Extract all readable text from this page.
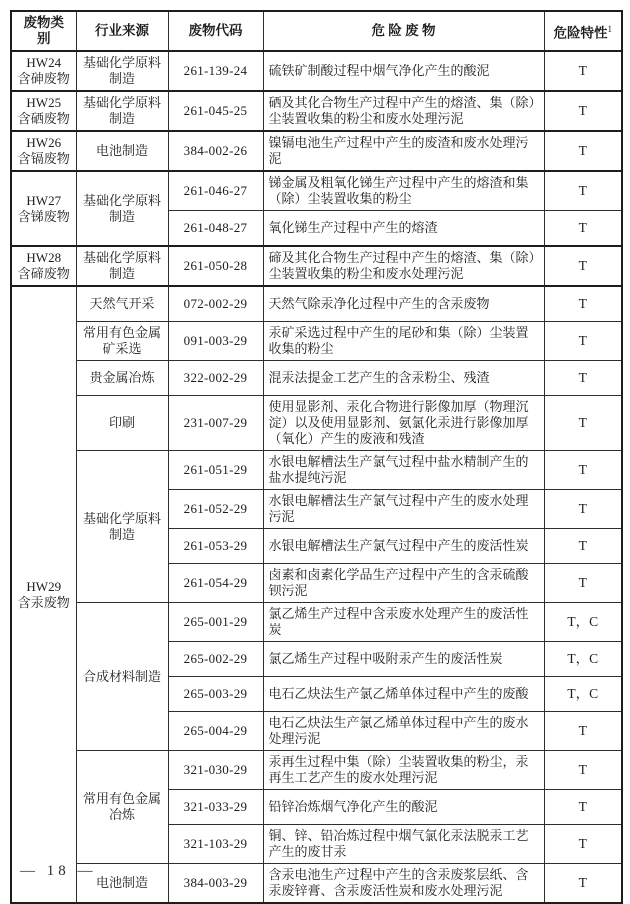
废物类别	行业来源	废物代码	危 险 废 物	危险特性$^1$

HW24
含砷废物	基础化学原料制造	261-139-24	硫铁矿制酸过程中烟气净化产生的酸泥	T

HW25
含硒废物	基础化学原料制造	261-045-25	硒及其化合物生产过程中产生的熔渣、集（除）尘装置收集的粉尘和废水处理污泥	T

HW26
含镉废物	电池制造	384-002-26	镍镉电池生产过程中产生的废渣和废水处理污泥	T

HW27
含锑废物	基础化学原料制造	261-046-27	锑金属及粗氧化锑生产过程中产生的熔渣和集（除）尘装置收集的粉尘	T
		261-048-27	氧化锑生产过程中产生的熔渣	T

HW28
含碲废物	基础化学原料制造	261-050-28	碲及其化合物生产过程中产生的熔渣、集（除）尘装置收集的粉尘和废水处理污泥	T

HW29
含汞废物	天然气开采	072-002-29	天然气除汞净化过程中产生的含汞废物	T
	常用有色金属矿采选	091-003-29	汞矿采选过程中产生的尾砂和集（除）尘装置收集的粉尘	T
	贵金属冶炼	322-002-29	混汞法提金工艺产生的含汞粉尘、残渣	T
	印刷	231-007-29	使用显影剂、汞化合物进行影像加厚（物理沉淀）以及使用显影剂、氨氯化汞进行影像加厚（氧化）产生的废液和残渣	T
	基础化学原料制造	261-051-29	水银电解槽法生产氯气过程中盐水精制产生的盐水提纯污泥	T
		261-052-29	水银电解槽法生产氯气过程中产生的废水处理污泥	T
		261-053-29	水银电解槽法生产氯气过程中产生的废活性炭	T
		261-054-29	卤素和卤素化学品生产过程中产生的含汞硫酸钡污泥	T
	合成材料制造	265-001-29	氯乙烯生产过程中含汞废水处理产生的废活性炭	T，C
		265-002-29	氯乙烯生产过程中吸附汞产生的废活性炭	T，C
		265-003-29	电石乙炔法生产氯乙烯单体过程中产生的废酸	T，C
		265-004-29	电石乙炔法生产氯乙烯单体过程中产生的废水处理污泥	T
	常用有色金属冶炼	321-030-29	汞再生过程中集（除）尘装置收集的粉尘，汞再生工艺产生的废水处理污泥	T
		321-033-29	铅锌冶炼烟气净化产生的酸泥	T
		321-103-29	铜、锌、铅冶炼过程中烟气氯化汞法脱汞工艺产生的废甘汞	T
	电池制造	384-003-29	含汞电池生产过程中产生的含汞废浆层纸、含汞废锌膏、含汞废活性炭和废水处理污泥	T
— 18 —
